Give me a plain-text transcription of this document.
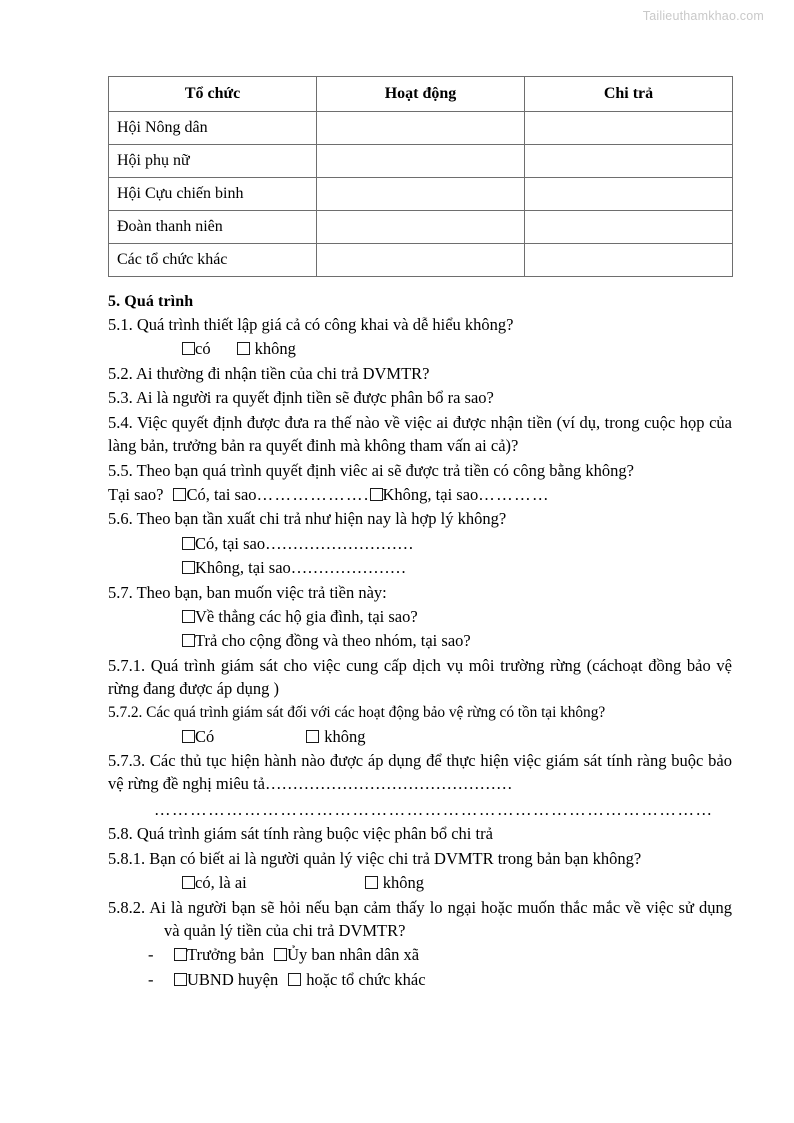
Tailieuthamkhao.com
Tổ chức	Hoạt động	Chi trả
Hội Nông dân		
Hội phụ nữ		
Hội Cựu chiến binh		
Đoàn thanh niên		
Các tổ chức khác		
5. Quá trình
5.1. Quá trình thiết lập giá cả có công khai và dễ hiểu không?
có	không
5.2. Ai thường đi nhận tiền của chi trả DVMTR?
5.3. Ai là người ra quyết định tiền sẽ được phân bổ ra sao?
5.4. Việc quyết định được đưa ra thế nào về việc ai được nhận tiền (ví dụ, trong cuộc họp của làng bản, trưởng bản ra quyết đinh mà không tham vấn ai cả)?
5.5. Theo bạn quá trình quyết định viêc ai sẽ được trả tiền có công bằng không?
Tại sao? Có, tai sao………………. Không, tại sao…………
5.6. Theo bạn tần xuất chi trả như hiện nay là hợp lý không?
Có, tại sao………………………
Không, tại sao…………………
5.7. Theo bạn, ban muốn việc trả tiền này:
Về thẳng các hộ gia đình, tại sao?
Trả cho cộng đồng và theo nhóm, tại sao?
5.7.1. Quá trình giám sát cho việc cung cấp dịch vụ môi trường rừng (cáchoạt đồng bảo vệ rừng đang được áp dụng )
5.7.2. Các quá trình giám sát đối với các hoạt động bảo vệ rừng có tồn tại không?
Có	không
5.7.3. Các thủ tục hiện hành nào được áp dụng để thực hiện việc giám sát tính ràng buộc bảo vệ rừng đề nghị miêu tả………………………………………
…………………………………………………………………………………
5.8. Quá trình giám sát tính ràng buộc việc phân bổ chi trả
5.8.1. Bạn có biết ai là người quản lý việc chi trả DVMTR trong bản bạn không?
có, là ai	không
5.8.2. Ai là người bạn sẽ hỏi nếu bạn cảm thấy lo ngại hoặc muốn thắc mắc về việc sử dụng và quản lý tiền của chi trả DVMTR?
- Trưởng bản Ủy ban nhân dân xã
- UBND huyện hoặc tổ chức khác
